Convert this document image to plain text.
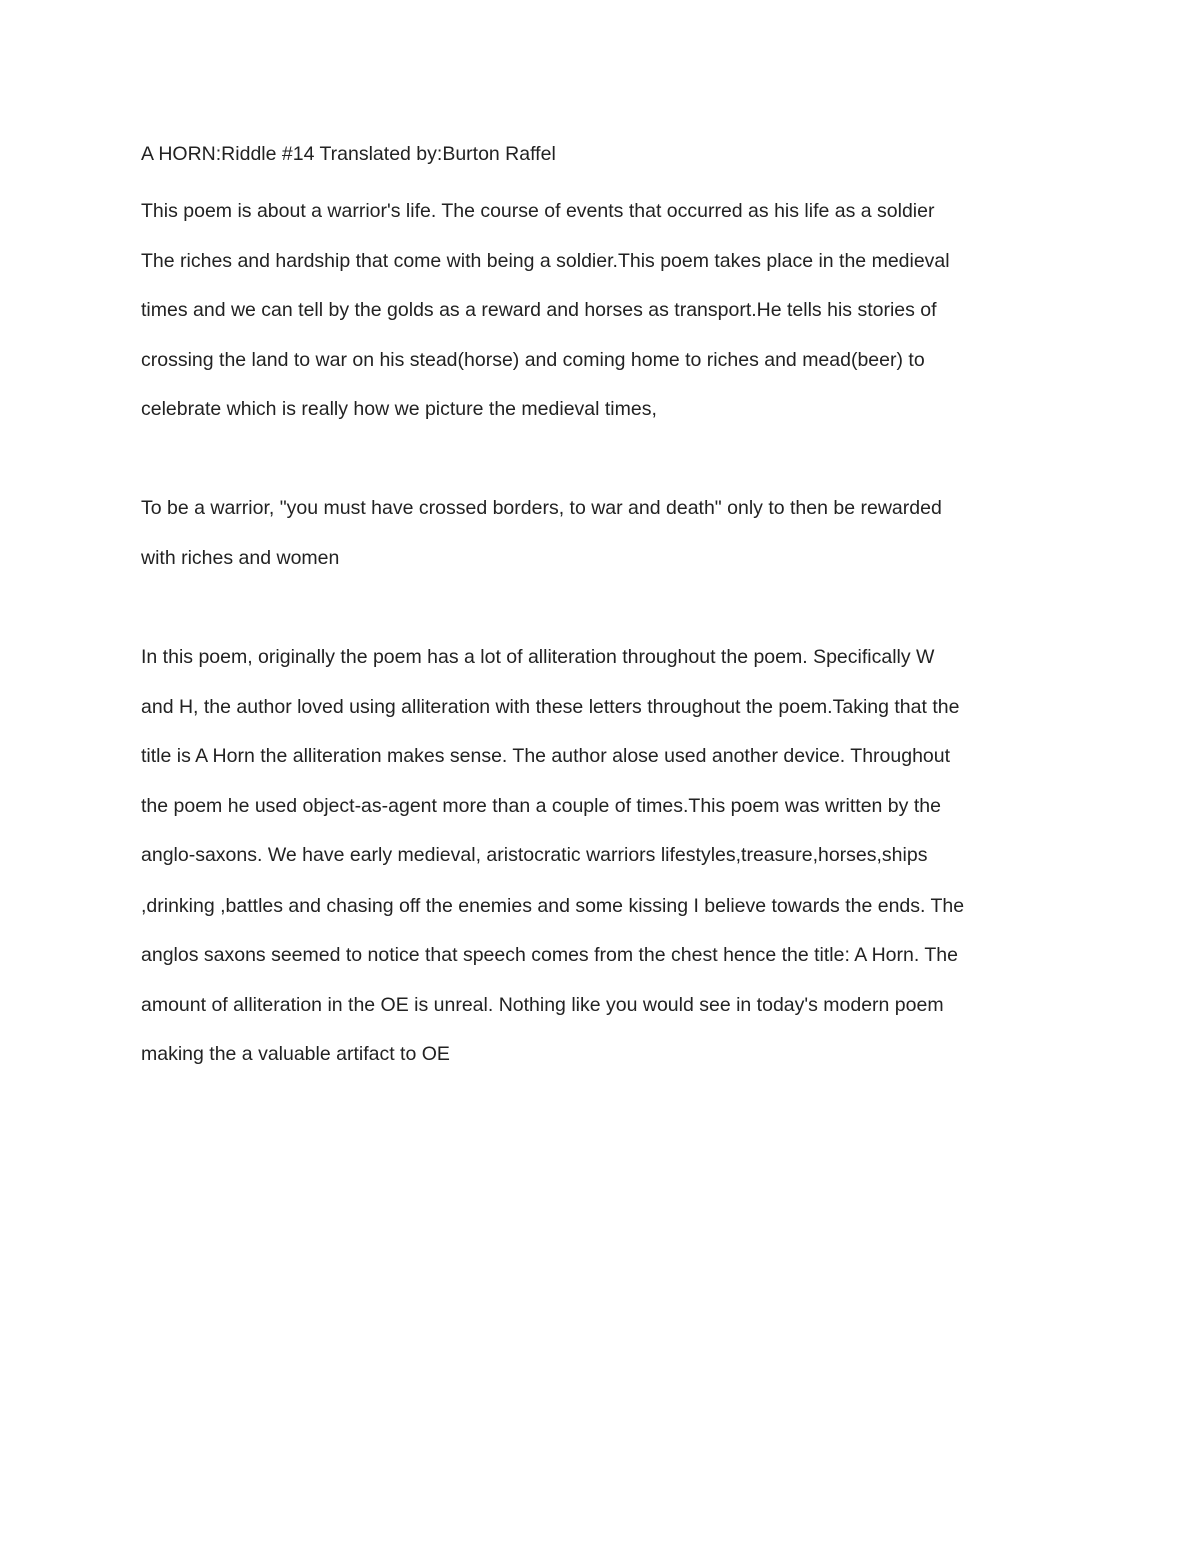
A HORN:Riddle #14 Translated by:Burton Raffel
This poem is about a warrior's life. The course of events that occurred as his life as a soldier
The riches and hardship that come with being a soldier.This poem takes place in the medieval
times and we can tell by the golds as a reward and horses as transport.He tells his stories of
crossing the land to war on his stead(horse) and coming home to riches and mead(beer) to
celebrate which is really how we picture the medieval times,
To be a warrior, "you must have crossed borders, to war and death" only to then be rewarded
with riches and women
In this poem, originally the poem has a lot of alliteration throughout the poem. Specifically W
and H, the author loved using alliteration with these letters throughout the poem.Taking that the
title is A Horn the alliteration makes sense. The author alose used another device. Throughout
the poem he used object-as-agent more than a couple of times.This poem was written by the
anglo-saxons. We have early medieval, aristocratic warriors lifestyles,treasure,horses,ships
,drinking ,battles and chasing off the enemies and some kissing I believe towards the ends. The
anglos saxons seemed to notice that speech comes from the chest hence the title: A Horn. The
amount of alliteration in the OE is unreal. Nothing like you would see in today's modern poem
making the a valuable artifact to OE
